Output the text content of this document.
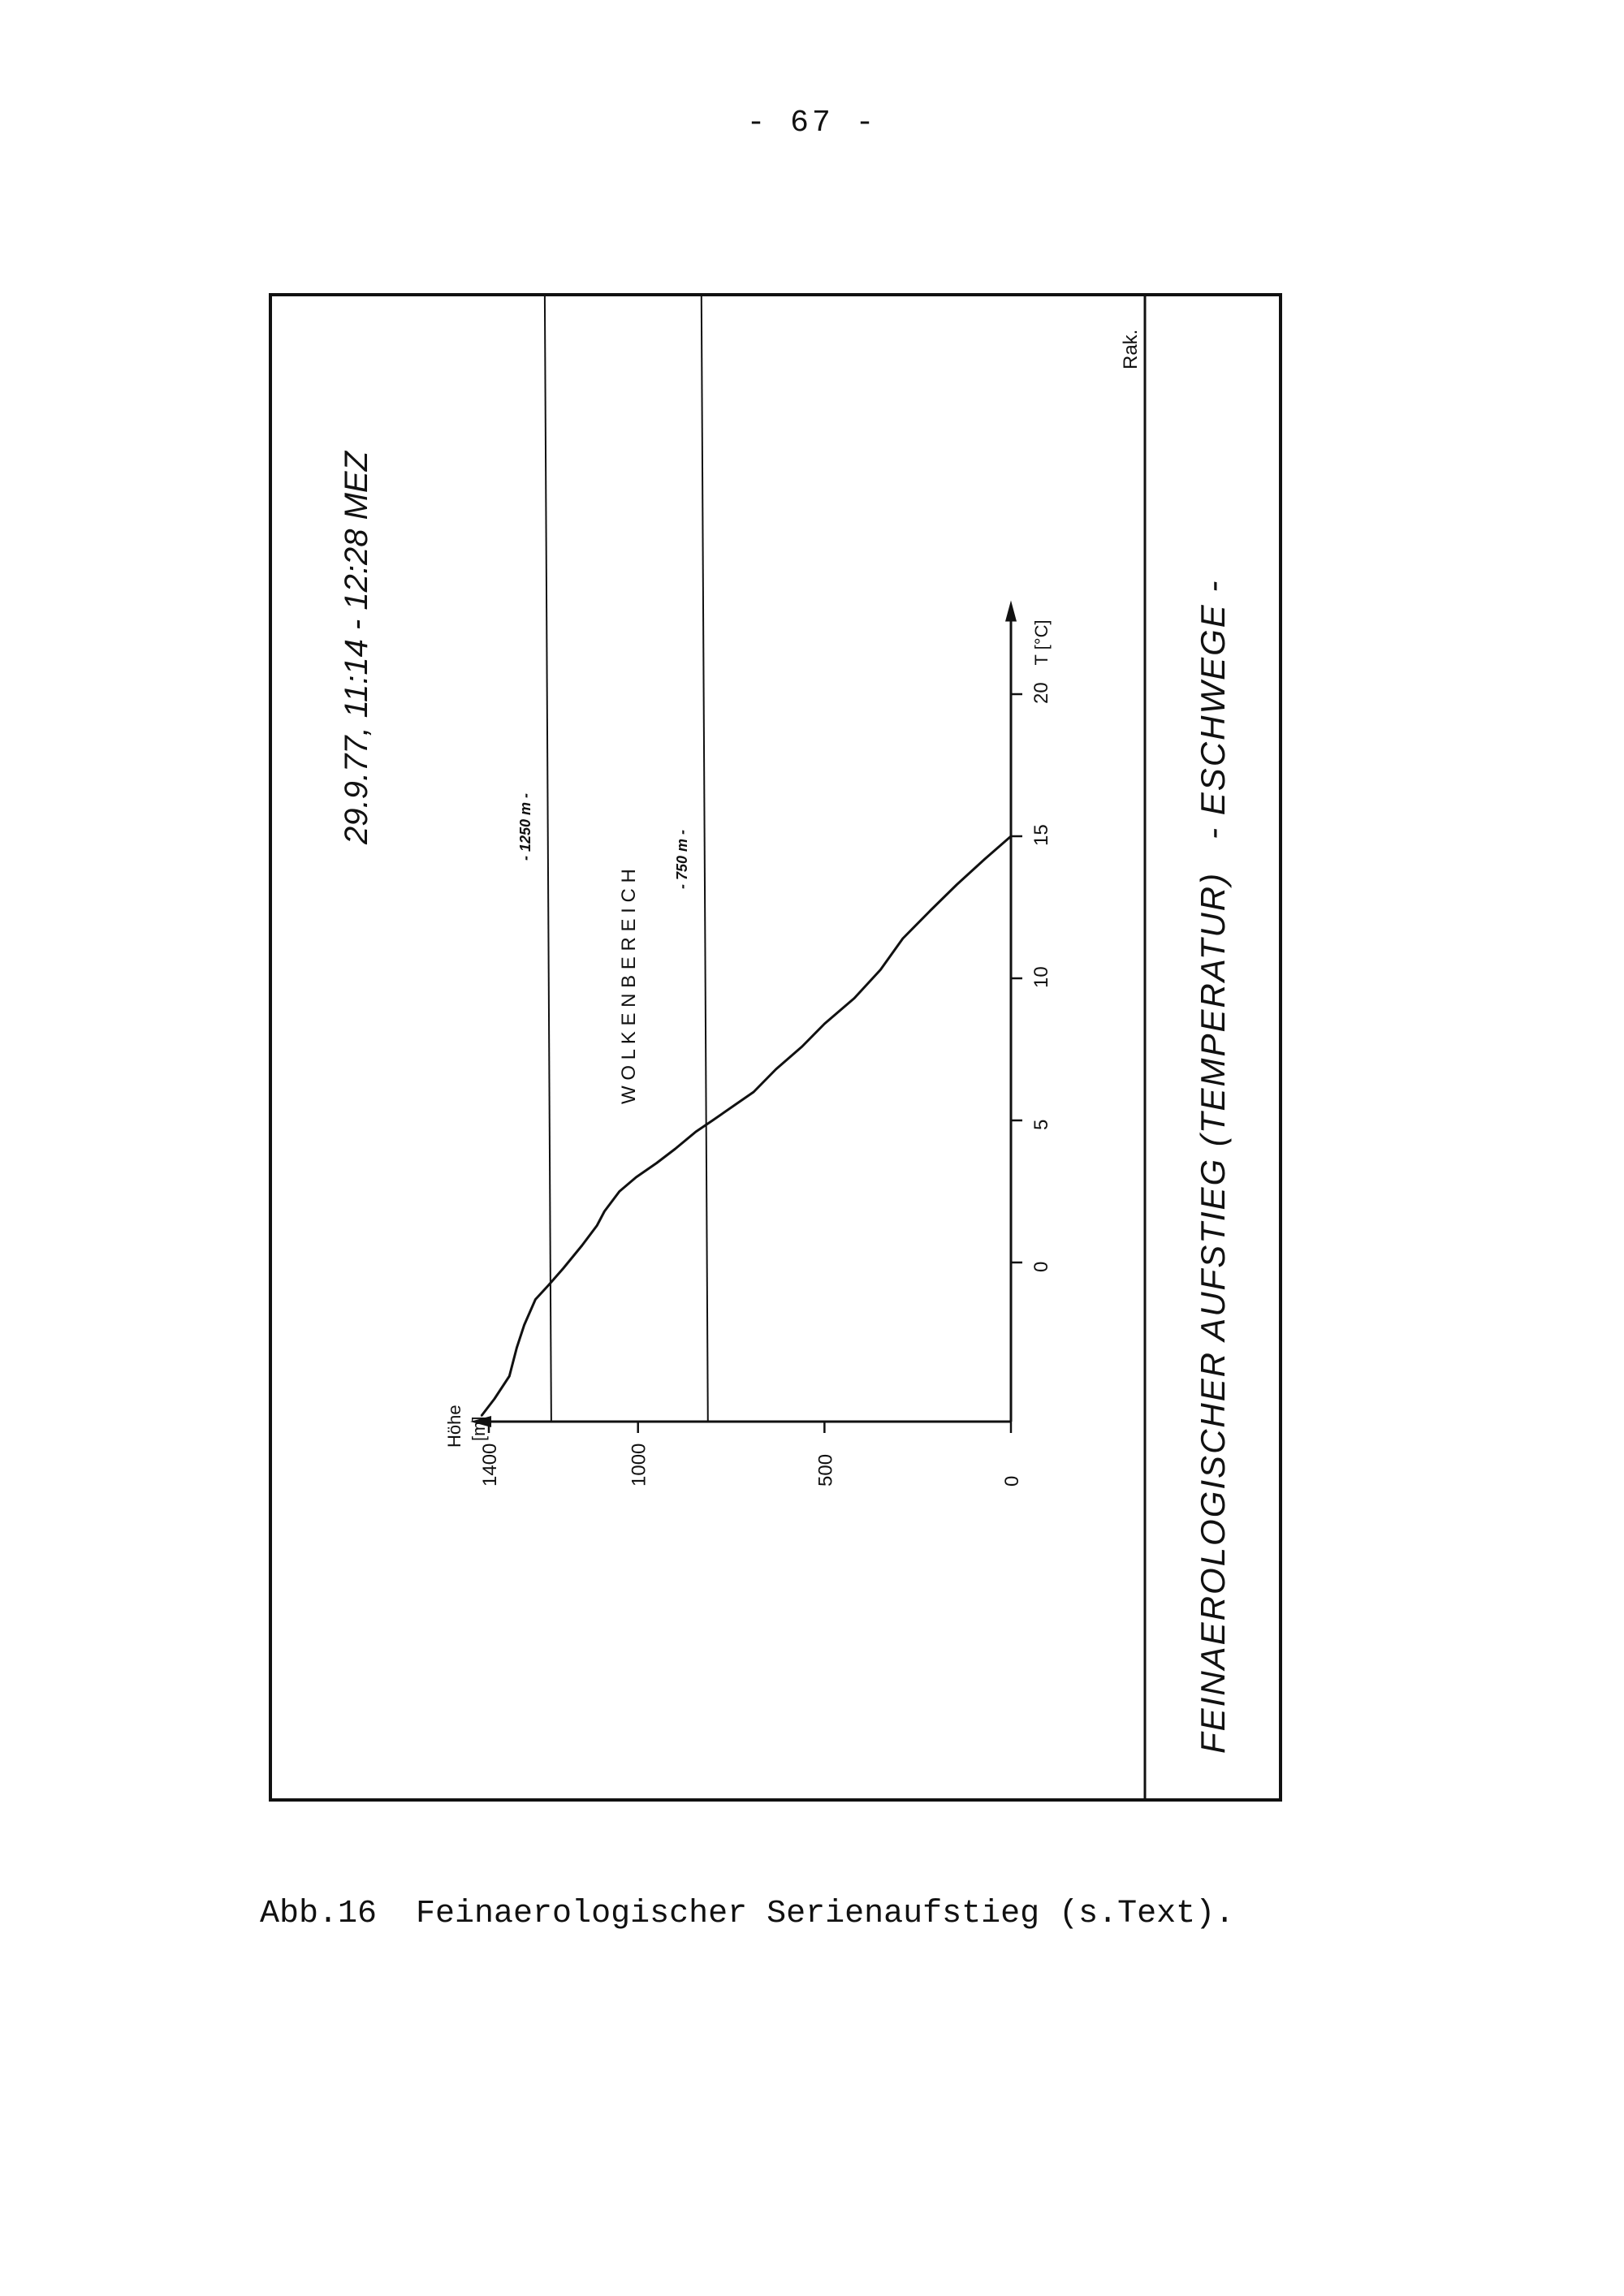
- 67 -
FEINAEROLOGISCHER AUFSTIEG (TEMPERATUR)- ESCHWEGE -
29.9.77, 11:14 - 12:28 MEZ
Rak.
W O L K E N B E R E I C H
0
500
1000
1400
0
5
10
15
20
Höhe [m]
T [°C]
- 1250 m -	- 750 m -
Abb.16 Feinaerologischer Serienaufstieg (s.Text).
